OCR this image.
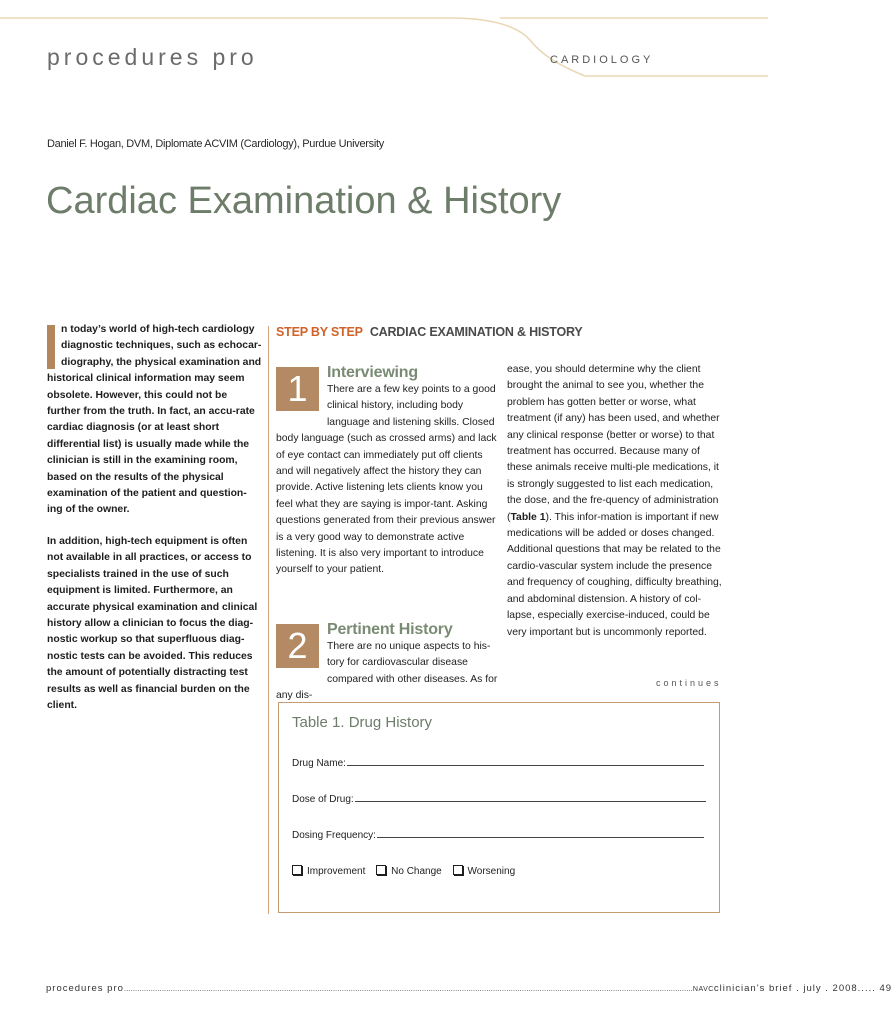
procedures pro	CARDIOLOGY
Daniel F. Hogan, DVM, Diplomate ACVIM (Cardiology), Purdue University
Cardiac Examination & History

n today’s world of high-tech cardiology diagnostic techniques, such as echocar-diography, the physical examination and historical clinical information may seem obsolete. However, this could not be further from the truth. In fact, an accu-rate cardiac diagnosis (or at least short differential list) is usually made while the clinician is still in the examining room, based on the results of the physical examination of the patient and question-ing of the owner.

In addition, high-tech equipment is often not available in all practices, or access to specialists trained in the use of such equipment is limited. Furthermore, an accurate physical examination and clinical history allow a clinician to focus the diag-nostic workup so that superfluous diag-nostic tests can be avoided. This reduces the amount of potentially distracting test results as well as financial burden on the client.

STEP BY STEP CARDIAC EXAMINATION & HISTORY
1	Interviewing

There are a few key points to a good clinical history, including body language and listening skills. Closed body language (such as crossed arms) and lack of eye contact can immediately put off clients and will negatively affect the history they can provide. Active listening lets clients know you feel what they are saying is impor-tant. Asking questions generated from their previous answer is a very good way to demonstrate active listening. It is also very important to introduce yourself to your patient.

2	Pertinent History

There are no unique aspects to his-tory for cardiovascular disease compared with other diseases. As for any dis-

ease, you should determine why the client brought the animal to see you, whether the problem has gotten better or worse, what treatment (if any) has been used, and whether any clinical response (better or worse) to that treatment has occurred. Because many of these animals receive multi-ple medications, it is strongly suggested to list each medication, the dose, and the fre-quency of administration (Table 1). This infor-mation is important if new medications will be added or doses changed. Additional questions that may be related to the cardio-vascular system include the presence and frequency of coughing, difficulty breathing, and abdominal distension. A history of col-lapse, especially exercise-induced, could be very important but is uncommonly reported.

continues
Table 1. Drug History
Drug Name:
Dose of Drug:
Dosing Frequency:
Improvement	No Change	Worsening
procedures pro ................................................................................................................................................................................................................................................................ NAVC clinician’s brief . july . 2008..... 49
